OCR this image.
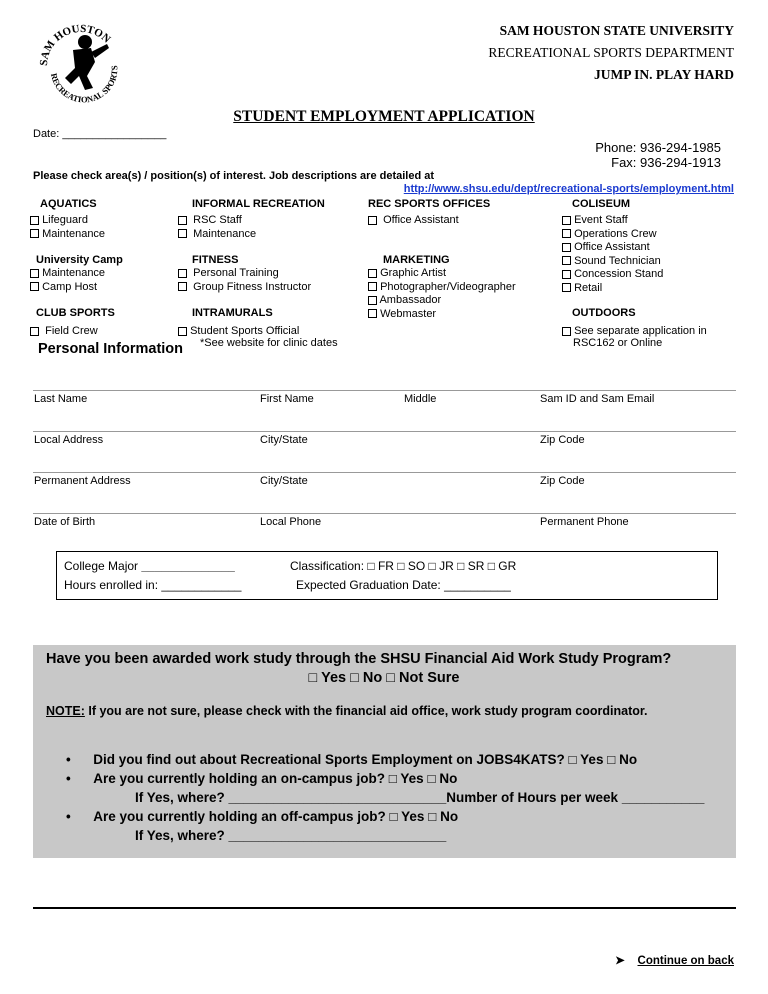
SAM HOUSTON
RECREATIONAL SPORTS
SAM HOUSTON STATE UNIVERSITY
RECREATIONAL SPORTS DEPARTMENT
JUMP IN. PLAY HARD
STUDENT EMPLOYMENT APPLICATION
Date: _________________
Phone: 936-294-1985
Fax: 936-294-1913
Please check area(s) / position(s) of interest. Job descriptions are detailed at
http://www.shsu.edu/dept/recreational-sports/employment.html
AQUATICS
Lifeguard
Maintenance
University Camp
Maintenance
Camp Host
CLUB SPORTS
Field Crew
INFORMAL RECREATION
RSC Staff
Maintenance
FITNESS
Personal Training
Group Fitness Instructor
INTRAMURALS
Student Sports Official
*See website for clinic dates
REC SPORTS OFFICES
Office Assistant
MARKETING
Graphic Artist
Photographer/Videographer
Ambassador
Webmaster
COLISEUM
Event Staff
Operations Crew
Office Assistant
Sound Technician
Concession Stand
Retail
OUTDOORS
See separate application in
RSC162 or Online
Personal Information
Last Name	First Name	Middle	Sam ID and Sam Email
Local Address	City/State	Zip Code
Permanent Address	City/State	Zip Code
Date of Birth	Local Phone	Permanent Phone
College Major ______________
Hours enrolled in: ____________
Classification: □ FR □ SO □ JR □ SR □ GR
Expected Graduation Date: __________
Have you been awarded work study through the SHSU Financial Aid Work Study Program?
□ Yes □ No □ Not Sure
NOTE: If you are not sure, please check with the financial aid office, work study program coordinator.
•      Did you find out about Recreational Sports Employment on JOBS4KATS? □ Yes □ No
•      Are you currently holding an on-campus job? □ Yes □ No
If Yes, where? _____________________________Number of Hours per week ___________
•      Are you currently holding an off-campus job? □ Yes □ No
If Yes, where? _____________________________
➤ Continue on back
